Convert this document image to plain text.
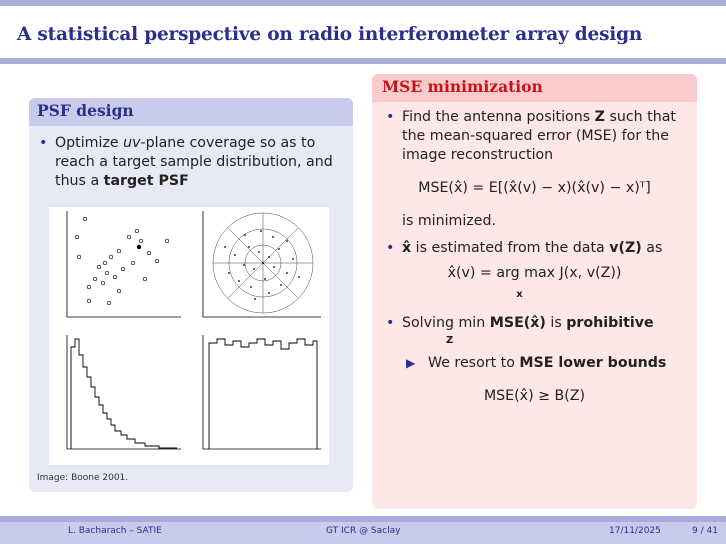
A statistical perspective on radio interferometer array design
PSF design
• Optimize uv-plane coverage so as to reach a target sample distribution, and thus a target PSF
Image: Boone 2001.
MSE minimization
• Find the antenna positions Z such that the mean-squared error (MSE) for the image reconstruction
MSE(x̂) = E[(x̂(v) − x)(x̂(v) − x)ᵀ]
is minimized.
• x̂ is estimated from the data v(Z) as
x̂(v) = arg max J(x, v(Z))
x
• Solving min MSE(x̂) is prohibitive
Z
▶ We resort to MSE lower bounds
MSE(x̂) ≥ B(Z)
L. Bacharach – SATIE	GT ICR @ Saclay	17/11/2025	9 / 41
